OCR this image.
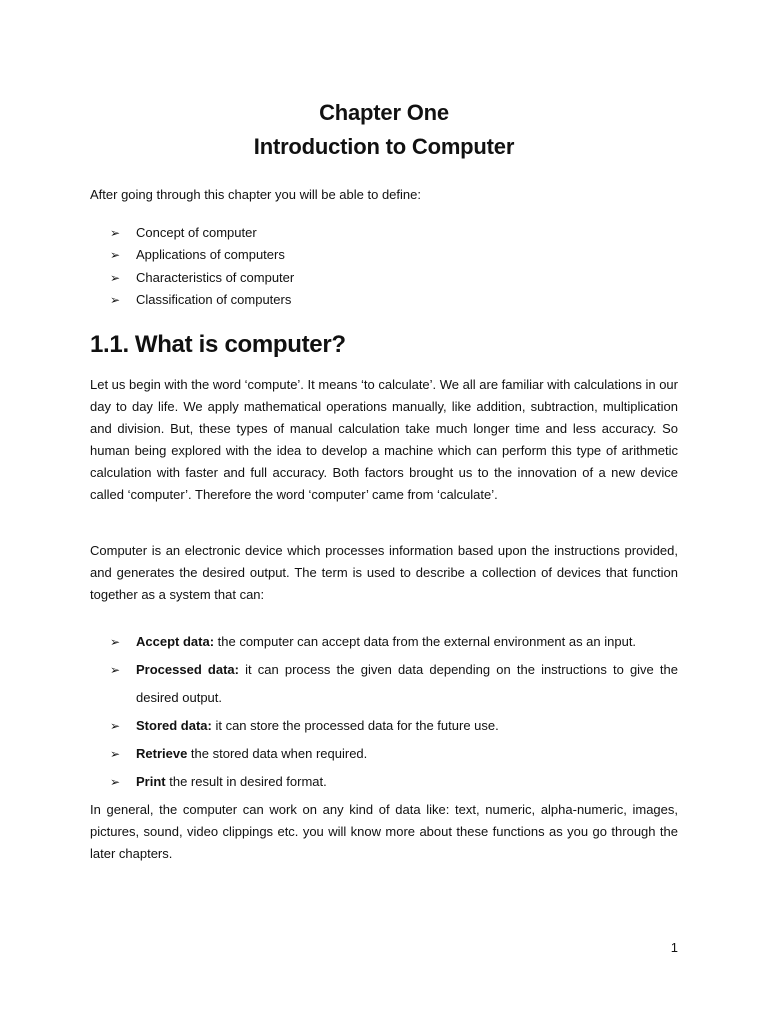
Chapter One
Introduction to Computer
After going through this chapter you will be able to define:
➢	Concept of computer
➢	Applications of computers
➢	Characteristics of computer
➢	Classification of computers
1.1. What is computer?

Let us begin with the word ‘compute’. It means ‘to calculate’. We all are familiar with calculations in our day to day life. We apply mathematical operations manually, like addition, subtraction, multiplication and division. But, these types of manual calculation take much longer time and less accuracy. So human being explored with the idea to develop a machine which can perform this type of arithmetic calculation with faster and full accuracy. Both factors brought us to the innovation of a new device called ‘computer’. Therefore the word ‘computer’ came from ‘calculate’.

Computer is an electronic device which processes information based upon the instructions provided, and generates the desired output. The term is used to describe a collection of devices that function together as a system that can:

➢	Accept data: the computer can accept data from the external environment as an input.
➢	Processed data: it can process the given data depending on the instructions to give the desired output.
➢	Stored data: it can store the processed data for the future use.
➢	Retrieve the stored data when required.
➢	Print the result in desired format.

In general, the computer can work on any kind of data like: text, numeric, alpha-numeric, images, pictures, sound, video clippings etc. you will know more about these functions as you go through the later chapters.

1
